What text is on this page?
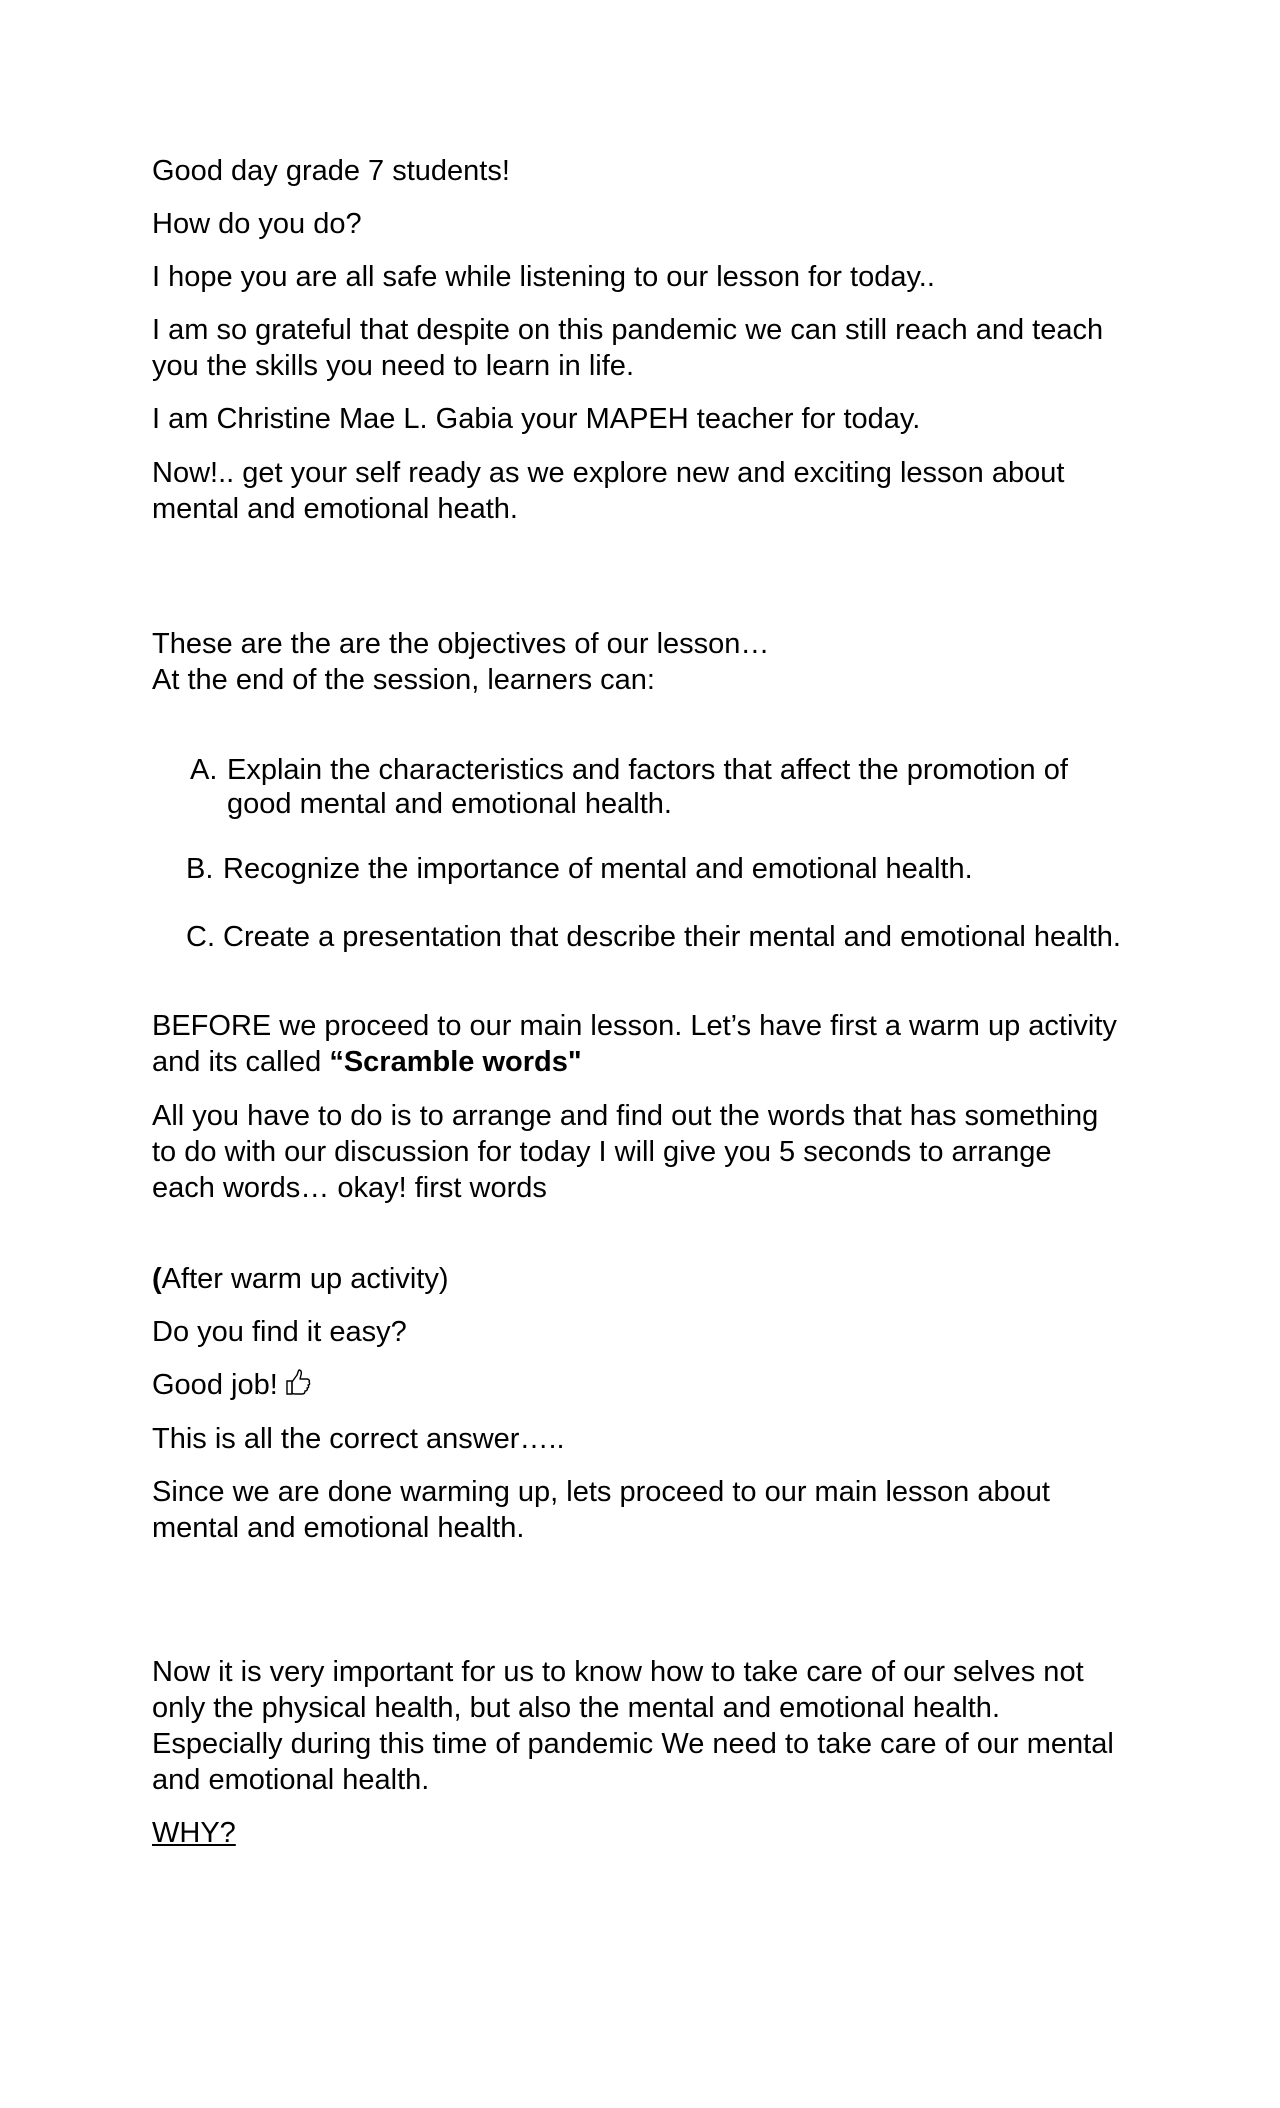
Good day grade 7 students!

How do you do?

I hope you are all safe while listening to our lesson for today..

I am so grateful that despite on this pandemic we can still reach and teach
you the skills you need to learn in life.

I am Christine Mae L. Gabia your MAPEH teacher for today.

Now!.. get your self ready as we explore new and exciting lesson about
mental and emotional heath.

These are the are the objectives of our lesson…
At the end of the session, learners can:

A. Explain the characteristics and factors that affect the promotion of
good mental and emotional health.

B. Recognize the importance of mental and emotional health.

C. Create a presentation that describe their mental and emotional health.

BEFORE we proceed to our main lesson. Let’s have first a warm up activity
and its called “Scramble words"

All you have to do is to arrange and find out the words that has something
to do with our discussion for today I will give you 5 seconds to arrange
each words… okay! first words

(After warm up activity)

Do you find it easy?

Good job!

This is all the correct answer…..

Since we are done warming up, lets proceed to our main lesson about
mental and emotional health.

Now it is very important for us to know how to take care of our selves not
only the physical health, but also the mental and emotional health.
Especially during this time of pandemic We need to take care of our mental
and emotional health.

WHY?
